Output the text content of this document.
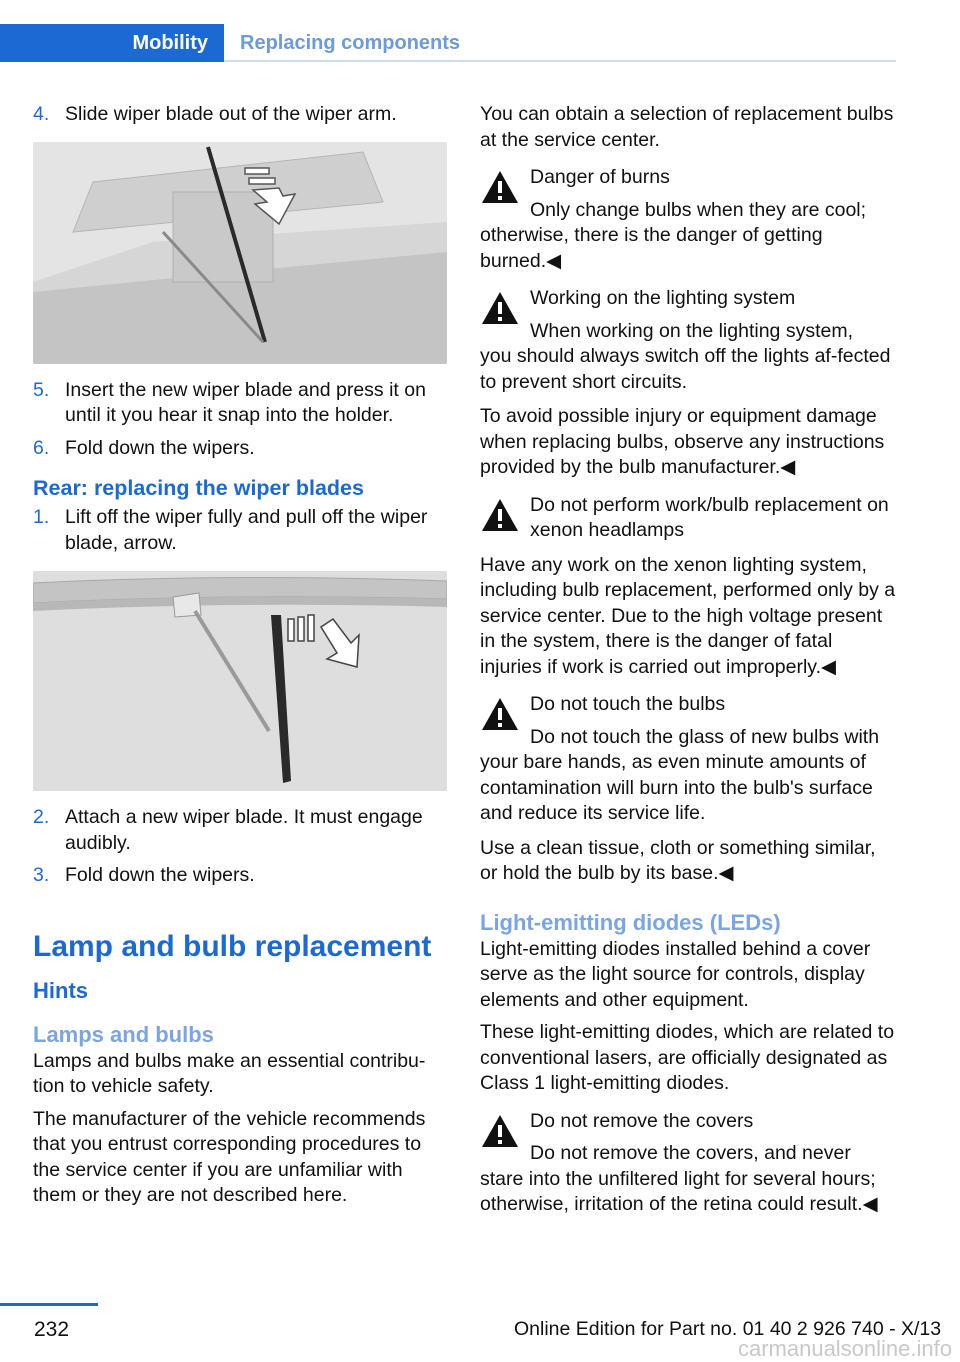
Mobility	Replacing components
4. Slide wiper blade out of the wiper arm.
5. Insert the new wiper blade and press it on until it you hear it snap into the holder.
6. Fold down the wipers.
Rear: replacing the wiper blades
1. Lift off the wiper fully and pull off the wiper blade, arrow.
2. Attach a new wiper blade. It must engage audibly.
3. Fold down the wipers.
Lamp and bulb replacement
Hints
Lamps and bulbs
Lamps and bulbs make an essential contribu‐tion to vehicle safety.
The manufacturer of the vehicle recommends that you entrust corresponding procedures to the service center if you are unfamiliar with them or they are not described here.
You can obtain a selection of replacement bulbs at the service center.
Danger of burns
Only change bulbs when they are cool;
otherwise, there is the danger of getting burned.◀
Working on the lighting system
When working on the lighting system,
you should always switch off the lights af‐fected to prevent short circuits.
To avoid possible injury or equipment damage when replacing bulbs, observe any instructions provided by the bulb manufacturer.◀
Do not perform work/bulb replacement on xenon headlamps
Have any work on the xenon lighting system, including bulb replacement, performed only by a service center. Due to the high voltage present in the system, there is the danger of fatal injuries if work is carried out improperly.◀
Do not touch the bulbs
Do not touch the glass of new bulbs with
your bare hands, as even minute amounts of contamination will burn into the bulb's surface and reduce its service life.
Use a clean tissue, cloth or something similar, or hold the bulb by its base.◀
Light-emitting diodes (LEDs)
Light-emitting diodes installed behind a cover serve as the light source for controls, display elements and other equipment.
These light-emitting diodes, which are related to conventional lasers, are officially designated as Class 1 light-emitting diodes.
Do not remove the covers
Do not remove the covers, and never
stare into the unfiltered light for several hours; otherwise, irritation of the retina could result.◀
232	Online Edition for Part no. 01 40 2 926 740 - X/13
carmanualsonline.info
